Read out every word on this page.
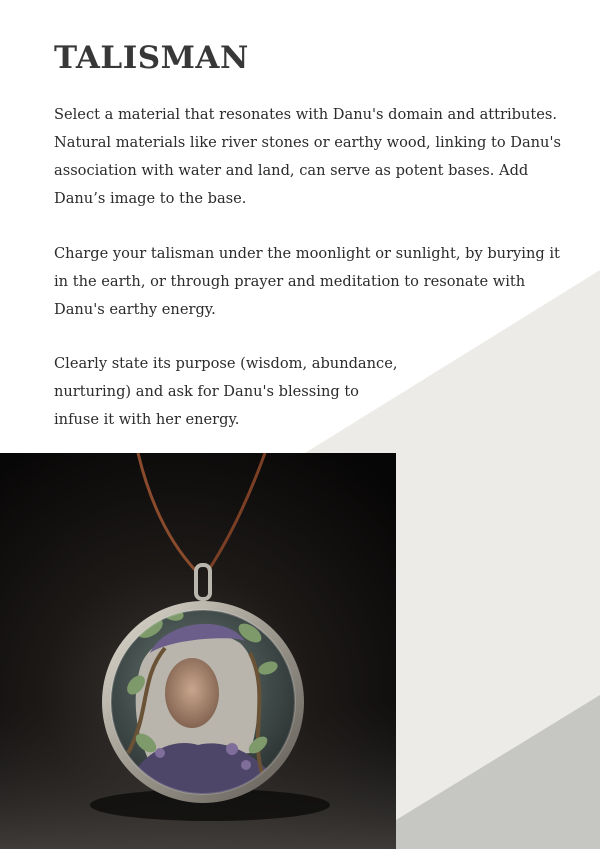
TALISMAN

Select a material that resonates with Danu's domain and attributes. Natural materials like river stones or earthy wood, linking to Danu's association with water and land, can serve as potent bases. Add Danu’s image to the base.

Charge your talisman under the moonlight or sunlight, by burying it in the earth, or through prayer and meditation to resonate with Danu's earthy energy.

Clearly state its purpose (wisdom, abundance, nurturing) and ask for Danu's blessing to infuse it with her energy.
